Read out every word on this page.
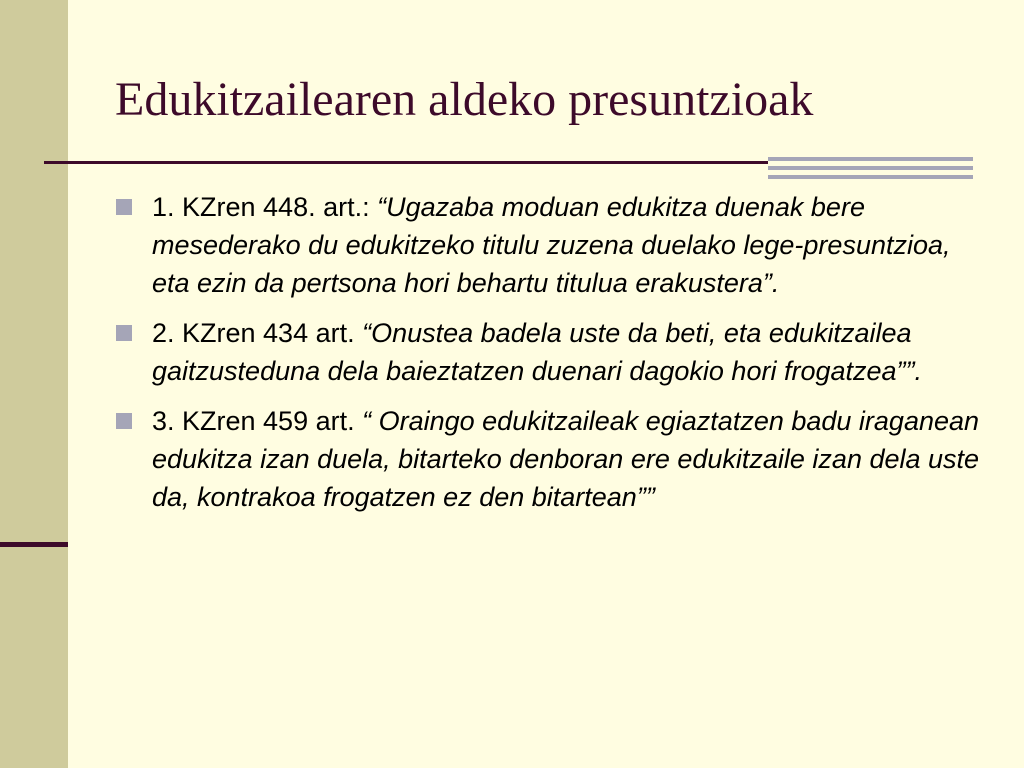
Edukitzailearen aldeko presuntzioak
1. KZren 448. art.: “Ugazaba moduan edukitza duenak bere mesederako du edukitzeko titulu zuzena duelako lege-presuntzioa, eta ezin da pertsona hori behartu titulua erakustera”.
2. KZren 434 art. “Onustea badela uste da beti, eta edukitzailea gaitzusteduna dela baieztatzen duenari dagokio hori frogatzea””.
3. KZren 459 art. “ Oraingo edukitzaileak egiaztatzen badu iraganean edukitza izan duela, bitarteko denboran ere edukitzaile izan dela uste da, kontrakoa frogatzen ez den bitartean””
